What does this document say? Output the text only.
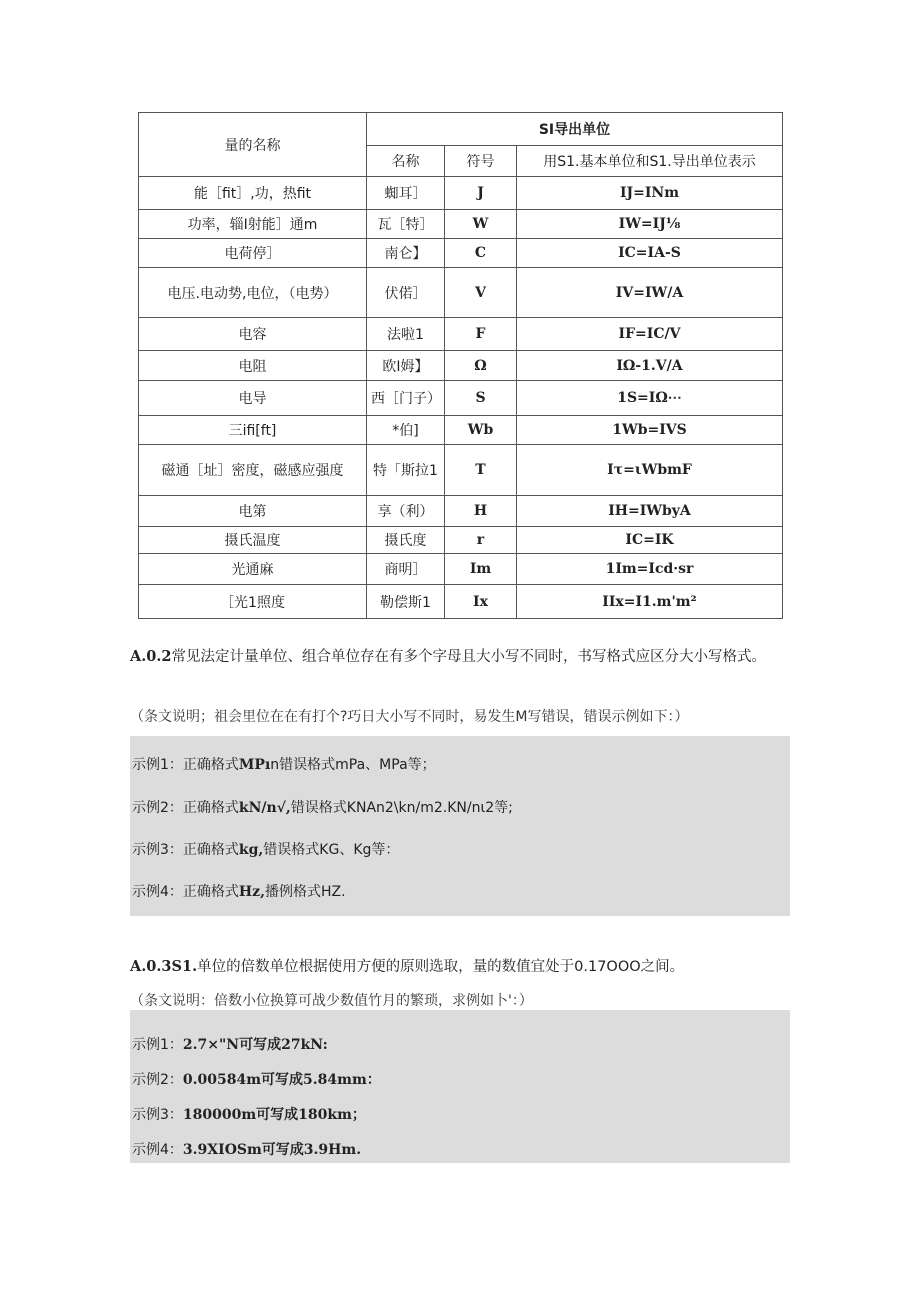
量的名称	SI导出单位		
	名称	符号	用S1.基本单位和S1.导出单位表示
能［fit］,功，热fit	蜘耳］	J	IJ=INm
功率，辎I射能］通m	瓦［特］	W	IW=IJ⅛
电荷停］	南仑】	C	IC=IA-S
电压.电动势,电位，（电势）	伏偌］	V	IV=IW/A
电容	法啦1	F	IF=IC/V
电阻	欧I姆】	Ω	IΩ-1.V/A
电导	西［门子）	S	1S=IΩ⋯
三ifi[ft]	*伯]	Wb	1Wb=IVS
磁通［址］密度，磁感应强度	特「斯拉1	T	Iτ=ιWbmF
电第	享（利）	H	IH=IWbyA
摄氏温度	摄氏度	r	IC=IK
光通麻	商明］	Im	1Im=Icd·sr
［光1照度	勒偿斯1	Ix	IIx=I1.m'm²
A.0.2常见法定计量单位、组合单位存在有多个字母且大小写不同时，书写格式应区分大小写格式。
（条文说明；祖会里位在在有打个?巧日大小写不同时，易发生M写错误，错误示例如下：）
示例1：正确格式MPın错误格式mPa、MPa等；
示例2：正确格式kN/n√,错误格式KNAn2\kn/m2.KN/nι2等;
示例3：正确格式kg,错误格式KG、Kg等：
示例4：正确格式Hz,播例格式HZ.
A.0.3S1.单位的倍数单位根据使用方便的原则选取，量的数值宜处于0.17OOO之间。
（条文说明：倍数小位换算可战少数值竹月的繁琐，求例如卜'：）
示例1：2.7×"N可写成27kN:
示例2：0.00584m可写成5.84mm：
示例3：180000m可写成180km；
示例4：3.9XIOSm可写成3.9Hm.
